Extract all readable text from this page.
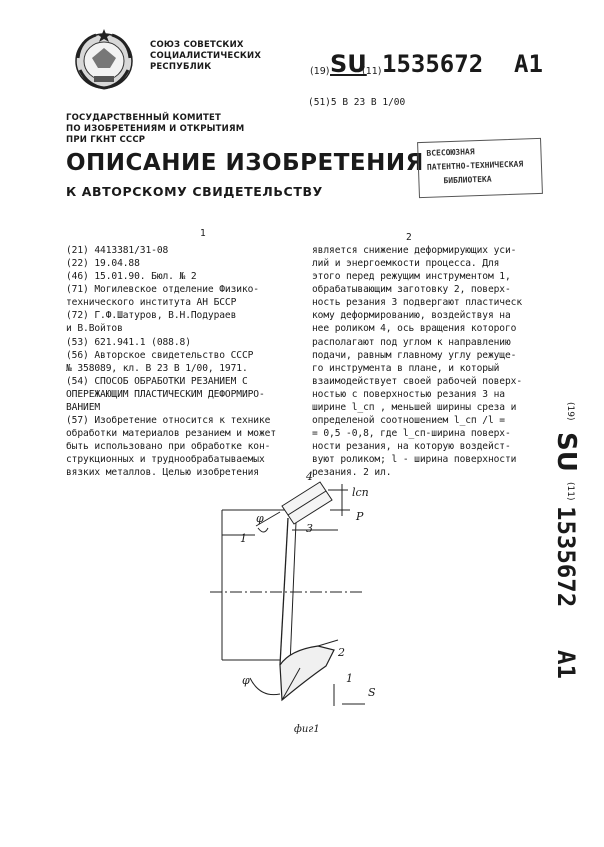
СОЮЗ СОВЕТСКИХ
СОЦИАЛИСТИЧЕСКИХ
РЕСПУБЛИК	(19) SU
(11) 1535672 A1
(51)5 В 23 В 1/00
ГОСУДАРСТВЕННЫЙ КОМИТЕТ
ПО ИЗОБРЕТЕНИЯМ И ОТКРЫТИЯМ
ПРИ ГКНТ СССР
ОПИСАНИЕ ИЗОБРЕТЕНИЯ
К АВТОРСКОМУ СВИДЕТЕЛЬСТВУ
ВСЕСОЮЗНАЯ
ПАТЕНТНО-ТЕХНИЧЕСКАЯ
БИБЛИОТЕКА
1	2
(21) 4413381/31-08
(22) 19.04.88
(46) 15.01.90. Бюл. № 2
(71) Могилевское отделение Физико-
технического института АН БССР
(72) Г.Ф.Шатуров, В.Н.Подураев
и В.Войтов
(53) 621.941.1 (088.8)
(56) Авторское свидетельство СССР
№ 358089, кл. В 23 В 1/00, 1971.
(54) СПОСОБ ОБРАБОТКИ РЕЗАНИЕМ С
ОПЕРЕЖАЮЩИМ ПЛАСТИЧЕСКИМ ДЕФОРМИРО-
ВАНИЕМ
(57) Изобретение относится к технике
обработки материалов резанием и может
быть использовано при обработке кон-
струкционных и труднообрабатываемых
вязких металлов. Целью изобретения
является снижение деформирующих уси-
лий и энергоемкости процесса. Для
этого перед режущим инструментом 1,
обрабатывающим заготовку 2, поверх-
ность резания 3 подвергают пластическ
кому деформированию, воздействуя на
нее роликом 4, ось вращения которого
располагают под углом к направлению
подачи, равным главному углу режуще-
го инструмента в плане, и который
взаимодействует своей рабочей поверх-
ностью с поверхностью резания 3 на
ширине l_сп , меньшей ширины среза и
определеной соотношением l_сп /l =
= 0,5 -0,8, где l_сп-ширина поверх-
ности резания, на которую воздейст-
вуют роликом; l - ширина поверхности
резания. 2 ил.
(19)
SU
(11)
1535672
A1
4
lсп
P
φ
1
3
2
φ	1
S
фиг1
